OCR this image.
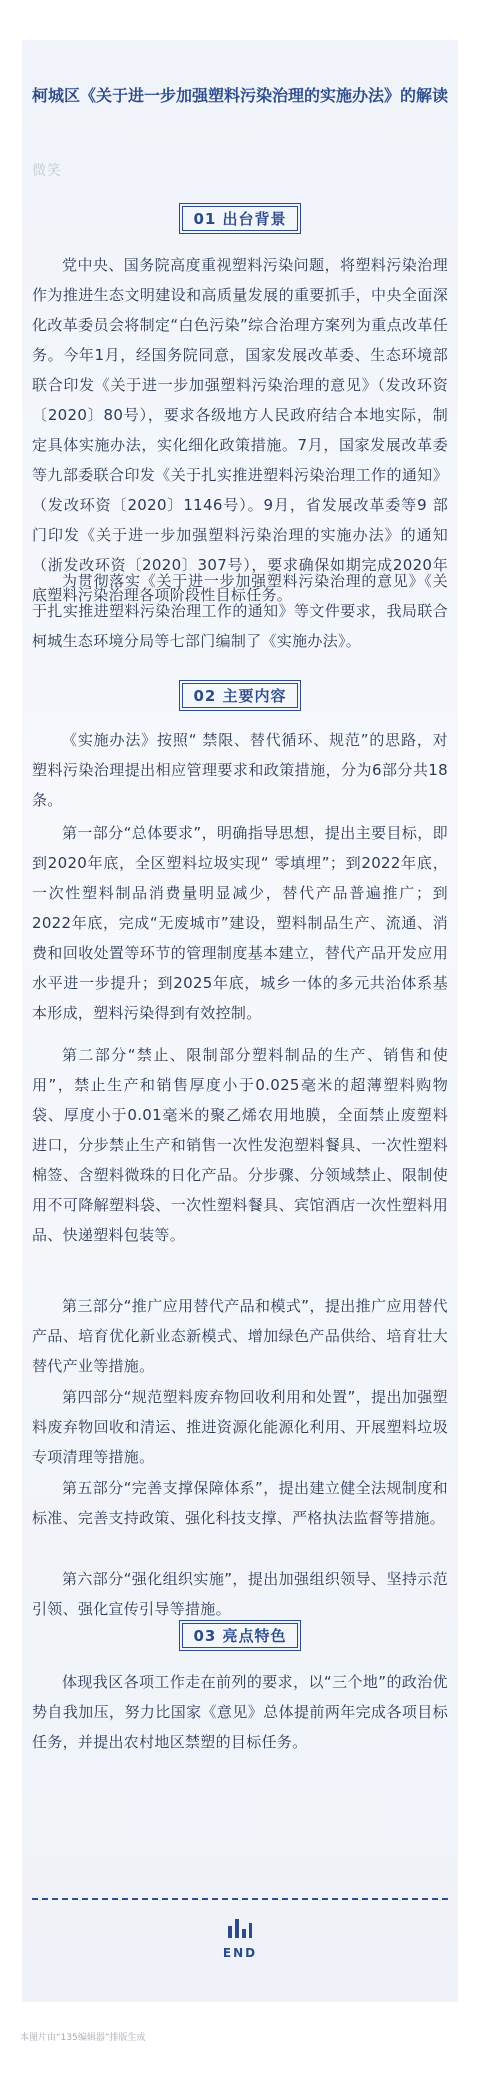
柯城区《关于进一步加强塑料污染治理的实施办法》的解读
微笑
01 出台背景
党中央、国务院高度重视塑料污染问题，将塑料污染治理作为推进生态文明建设和高质量发展的重要抓手，中央全面深化改革委员会将制定“白色污染”综合治理方案列为重点改革任务。今年1月，经国务院同意，国家发展改革委、生态环境部联合印发《关于进一步加强塑料污染治理的意见》（发改环资〔2020〕80号），要求各级地方人民政府结合本地实际，制定具体实施办法，实化细化政策措施。7月，国家发展改革委等九部委联合印发《关于扎实推进塑料污染治理工作的通知》（发改环资〔2020〕1146号）。9月，省发展改革委等9 部门印发《关于进一步加强塑料污染治理的实施办法》的通知（浙发改环资〔2020〕307号），要求确保如期完成2020年底塑料污染治理各项阶段性目标任务。
为贯彻落实《关于进一步加强塑料污染治理的意见》《关于扎实推进塑料污染治理工作的通知》等文件要求，我局联合柯城生态环境分局等七部门编制了《实施办法》。
02 主要内容
《实施办法》按照“ 禁限、替代循环、规范”的思路，对塑料污染治理提出相应管理要求和政策措施，分为6部分共18条。
第一部分“总体要求”，明确指导思想，提出主要目标，即到2020年底，全区塑料垃圾实现“ 零填埋”；到2022年底，一次性塑料制品消费量明显减少，替代产品普遍推广；到2022年底，完成“无废城市”建设，塑料制品生产、流通、消费和回收处置等环节的管理制度基本建立，替代产品开发应用水平进一步提升；到2025年底，城乡一体的多元共治体系基本形成，塑料污染得到有效控制。
第二部分“禁止、限制部分塑料制品的生产、销售和使用”，禁止生产和销售厚度小于0.025毫米的超薄塑料购物袋、厚度小于0.01毫米的聚乙烯农用地膜，全面禁止废塑料进口，分步禁止生产和销售一次性发泡塑料餐具、一次性塑料棉签、含塑料微珠的日化产品。分步骤、分领域禁止、限制使用不可降解塑料袋、一次性塑料餐具、宾馆酒店一次性塑料用品、快递塑料包装等。
第三部分“推广应用替代产品和模式”，提出推广应用替代产品、培育优化新业态新模式、增加绿色产品供给、培育壮大替代产业等措施。
第四部分“规范塑料废弃物回收利用和处置”，提出加强塑料废弃物回收和清运、推进资源化能源化利用、开展塑料垃圾专项清理等措施。
第五部分“完善支撑保障体系”，提出建立健全法规制度和标准、完善支持政策、强化科技支撑、严格执法监督等措施。
第六部分“强化组织实施”，提出加强组织领导、坚持示范引领、强化宣传引导等措施。
03 亮点特色
体现我区各项工作走在前列的要求，以“三个地”的政治优势自我加压，努力比国家《意见》总体提前两年完成各项目标任务，并提出农村地区禁塑的目标任务。
END
本图片由“135编辑器”排版生成
